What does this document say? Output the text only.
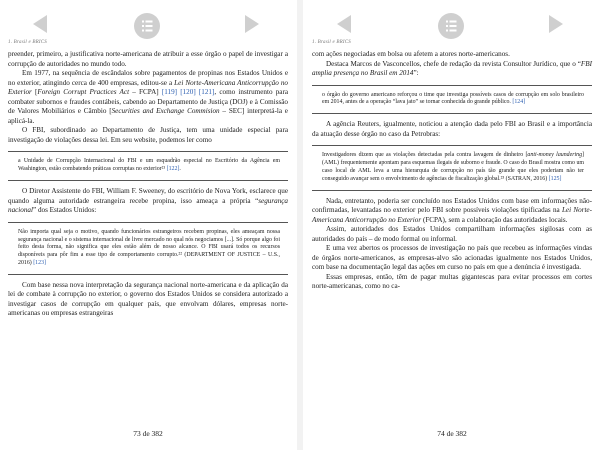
1. Brasil e BRICS

preender, primeiro, a justificativa norte-americana de atribuir a esse órgão o papel de investigar a corrupção de autoridades no mundo todo.

Em 1977, na sequência de escândalos sobre pagamentos de propinas nos Estados Unidos e no exterior, atingindo cerca de 400 empresas, editou-se a Lei Norte-Americana Anticorrupção no Exterior [Foreign Corrupt Practices Act – FCPA] [119] [120] [121], como instrumento para combater subornos e fraudes contábeis, cabendo ao Departamento de Justiça (DOJ) e à Comissão de Valores Mobiliários e Câmbio [Securities and Exchange Commision – SEC] interpretá-la e aplicá-la.

O FBI, subordinado ao Departamento de Justiça, tem uma unidade especial para investigação de violações dessa lei. Em seu website, podemos ler como

a Unidade de Corrupção Internacional do FBI e um esquadrão especial no Escritório da Agência em Washington, estão combatendo práticas corruptas no exterior²¹ [122].

O Diretor Assistente do FBI, William F. Sweeney, do escritório de Nova York, esclarece que quando alguma autoridade estrangeira recebe propina, isso ameaça a própria “segurança nacional” dos Estados Unidos:

Não importa qual seja o motivo, quando funcionários estrangeiros recebem propinas, eles ameaçam nossa segurança nacional e o sistema internacional de livre mercado no qual nós negociamos [...]. Só porque algo foi feito desta forma, não significa que eles estão além de nosso alcance. O FBI usará todos os recursos disponíveis para pôr fim a esse tipo de comportamento corrupto.²² (DEPARTMENT OF JUSTICE – U.S., 2016) [123]

Com base nessa nova interpretação da segurança nacional norte-americana e da aplicação da lei de combate à corrupção no exterior, o governo dos Estados Unidos se considera autorizado a investigar casos de corrupção em qualquer país, que envolvam dólares, empresas norte-americanas ou empresas estrangeiras

73 de 382
1. Brasil e BRICS

com ações negociadas em bolsa ou afetem a atores norte-americanos.

Destaca Marcos de Vasconcellos, chefe de redação da revista Consultor Jurídico, que o “FBI amplia presença no Brasil em 2014”:

o órgão do governo americano reforçou o time que investiga possíveis casos de corrupção em solo brasileiro em 2014, antes de a operação “lava jato” se tornar conhecida do grande público. [124]

A agência Reuters, igualmente, noticiou a atenção dada pelo FBI ao Brasil e a importância da atuação desse órgão no caso da Petrobras:

Investigadores dizem que as violações detectadas pela contra lavagem de dinheiro [anti-money laundering] (AML) frequentemente apontam para esquemas ilegais de suborno e fraude. O caso do Brasil mostra como um caso local de AML leva a uma hierarquia de corrupção no país tão grande que eles poderiam não ter conseguido avançar sem o envolvimento de agências de fiscalização global.²³ (SATRAN, 2016) [125]

Nada, entretanto, poderia ser concluído nos Estados Unidos com base em informações não-confirmadas, levantadas no exterior pelo FBI sobre possíveis violações tipificadas na Lei Norte-Americana Anticorrupção no Exterior (FCPA), sem a colaboração das autoridades locais.

Assim, autoridades dos Estados Unidos compartilham informações sigilosas com as autoridades do país – de modo formal ou informal.

E uma vez abertos os processos de investigação no país que recebeu as informações vindas de órgãos norte-americanos, as empresas-alvo são acionadas igualmente nos Estados Unidos, com base na documentação legal das ações em curso no país em que a denúncia é investigada.

Essas empresas, então, têm de pagar multas gigantescas para evitar processos em cortes norte-americanas, como no ca-

74 de 382
